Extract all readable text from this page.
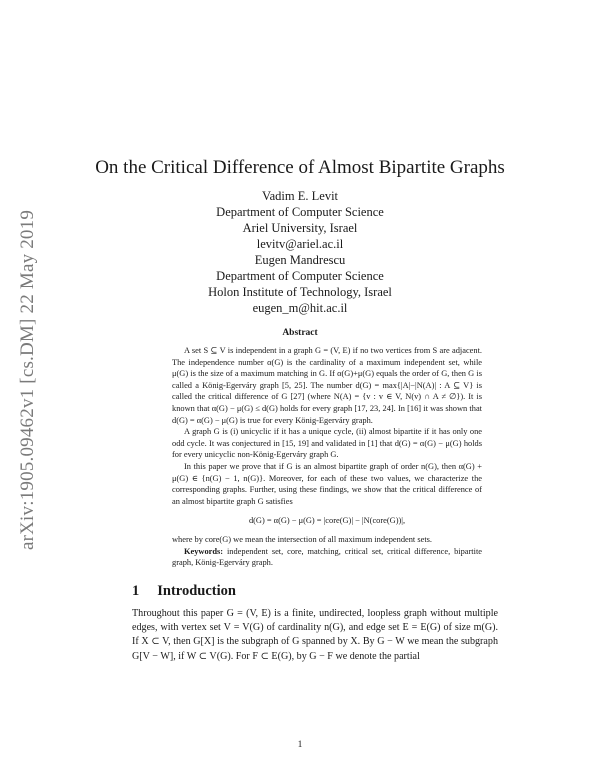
arXiv:1905.09462v1 [cs.DM] 22 May 2019
On the Critical Difference of Almost Bipartite Graphs
Vadim E. Levit
Department of Computer Science
Ariel University, Israel
levitv@ariel.ac.il
Eugen Mandrescu
Department of Computer Science
Holon Institute of Technology, Israel
eugen_m@hit.ac.il
Abstract

A set S ⊆ V is independent in a graph G = (V, E) if no two vertices from S are adjacent. The independence number α(G) is the cardinality of a maximum independent set, while μ(G) is the size of a maximum matching in G. If α(G)+μ(G) equals the order of G, then G is called a König-Egerváry graph [5, 25]. The number d(G) = max{|A|−|N(A)| : A ⊆ V} is called the critical difference of G [27] (where N(A) = {v : v ∈ V, N(v) ∩ A ≠ ∅}). It is known that α(G) − μ(G) ≤ d(G) holds for every graph [17, 23, 24]. In [16] it was shown that d(G) = α(G) − μ(G) is true for every König-Egerváry graph.

A graph G is (i) unicyclic if it has a unique cycle, (ii) almost bipartite if it has only one odd cycle. It was conjectured in [15, 19] and validated in [1] that d(G) = α(G) − μ(G) holds for every unicyclic non-König-Egerváry graph G.

In this paper we prove that if G is an almost bipartite graph of order n(G), then α(G) + μ(G) ∈ {n(G) − 1, n(G)}. Moreover, for each of these two values, we characterize the corresponding graphs. Further, using these findings, we show that the critical difference of an almost bipartite graph G satisfies

d(G) = α(G) − μ(G) = |core(G)| − |N(core(G))|,
where by core(G) we mean the intersection of all maximum independent sets.

Keywords: independent set, core, matching, critical set, critical difference, bipartite graph, König-Egerváry graph.

1 Introduction
Throughout this paper G = (V, E) is a finite, undirected, loopless graph without multiple edges, with vertex set V = V(G) of cardinality n(G), and edge set E = E(G) of size m(G). If X ⊂ V, then G[X] is the subgraph of G spanned by X. By G − W we mean the subgraph G[V − W], if W ⊂ V(G). For F ⊂ E(G), by G − F we denote the partial
1
